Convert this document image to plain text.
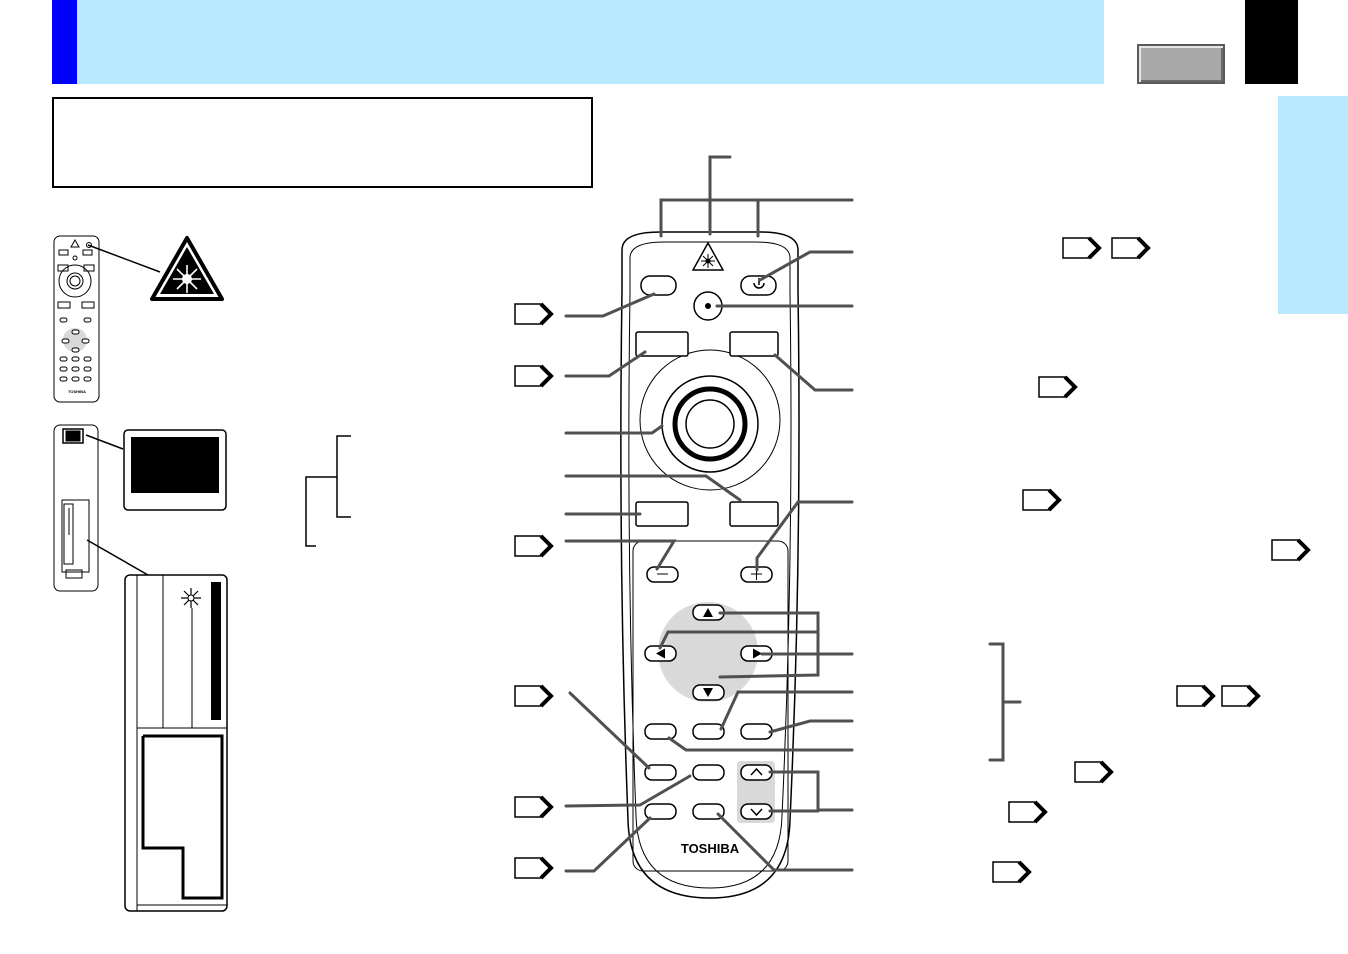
TOSHIBA
TOSHIBA
